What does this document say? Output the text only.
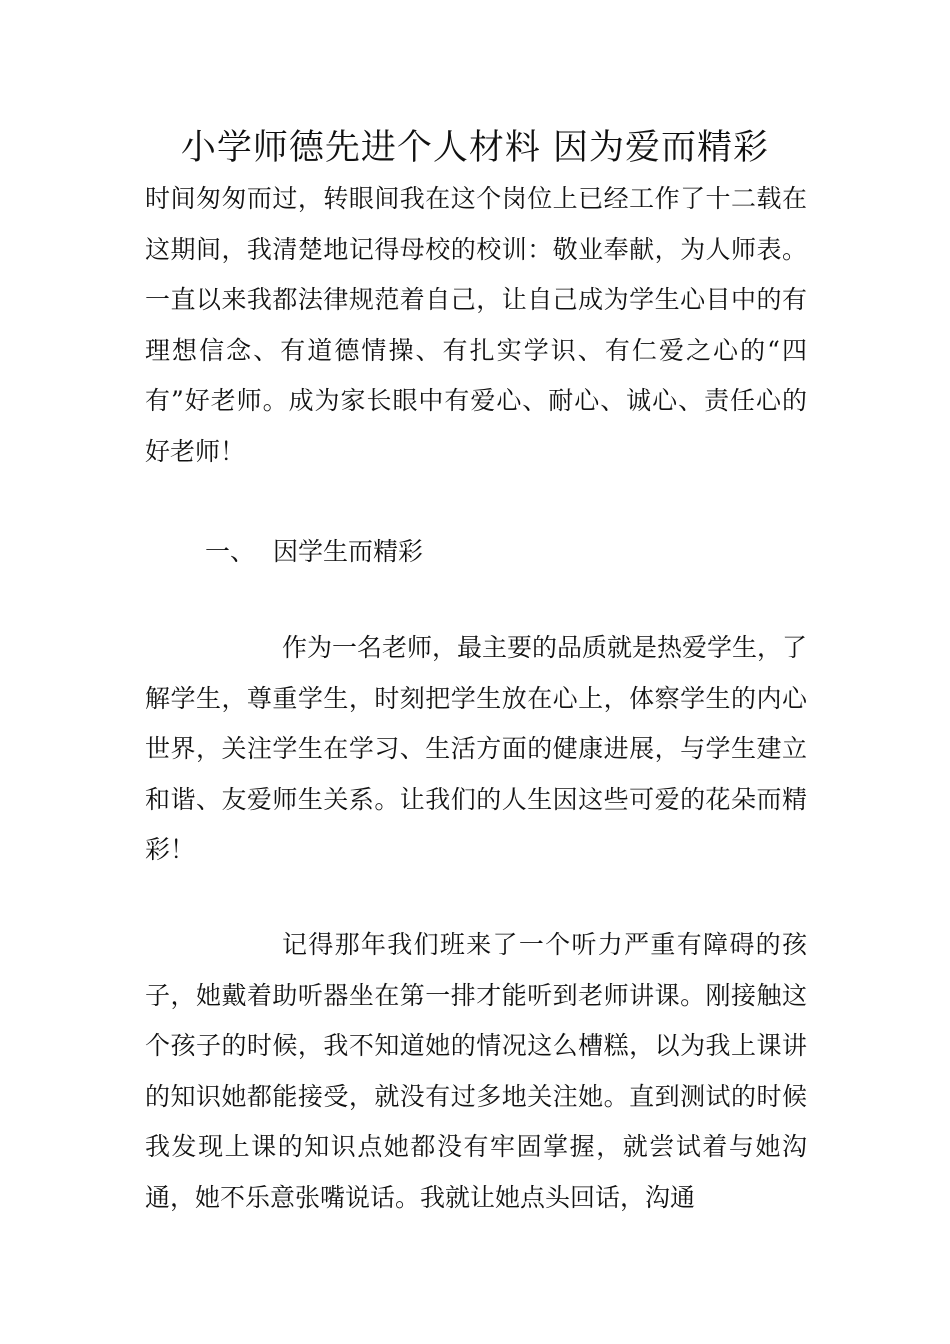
小学师德先进个人材料 因为爱而精彩

时间匆匆而过，转眼间我在这个岗位上已经工作了十二载在这期间，我清楚地记得母校的校训：敬业奉献，为人师表。一直以来我都法律规范着自己，让自己成为学生心目中的有理想信念、有道德情操、有扎实学识、有仁爱之心的“四有”好老师。成为家长眼中有爱心、耐心、诚心、责任心的好老师！

一、 因学生而精彩

作为一名老师，最主要的品质就是热爱学生，了解学生，尊重学生，时刻把学生放在心上，体察学生的内心世界，关注学生在学习、生活方面的健康进展，与学生建立和谐、友爱师生关系。让我们的人生因这些可爱的花朵而精彩！

记得那年我们班来了一个听力严重有障碍的孩子，她戴着助听器坐在第一排才能听到老师讲课。刚接触这个孩子的时候，我不知道她的情况这么槽糕，以为我上课讲的知识她都能接受，就没有过多地关注她。直到测试的时候我发现上课的知识点她都没有牢固掌握，就尝试着与她沟通，她不乐意张嘴说话。我就让她点头回话，沟通
